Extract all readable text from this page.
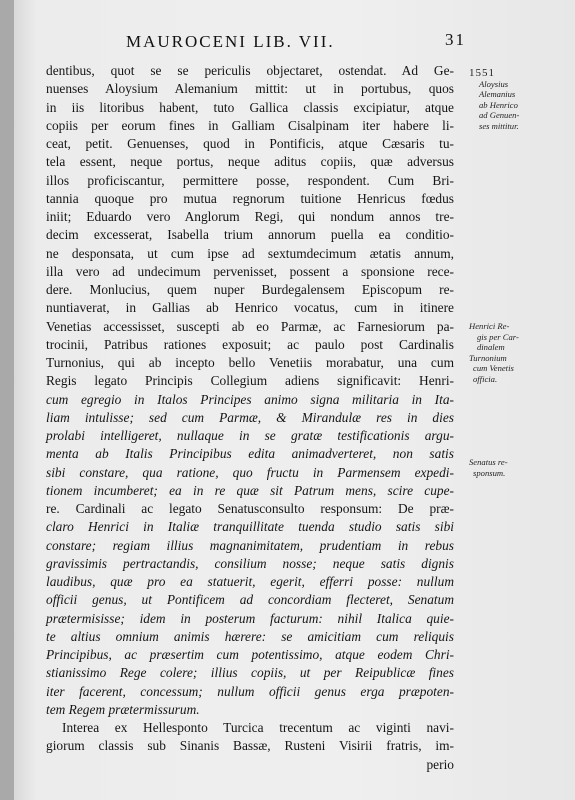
MAUROCENI LIB. VII.	31
dentibus, quot se se periculis objectaret, ostendat. Ad Ge-
nuenses Aloysium Alemanium mittit: ut in portubus, quos
in iis litoribus habent, tuto Gallica classis excipiatur, atque
copiis per eorum fines in Galliam Cisalpinam iter habere li-
ceat, petit. Genuenses, quod in Pontificis, atque Cæsaris tu-
tela essent, neque portus, neque aditus copiis, quæ adversus
illos proficiscantur, permittere posse, respondent. Cum Bri-
tannia quoque pro mutua regnorum tuitione Henricus fœdus
iniit; Eduardo vero Anglorum Regi, qui nondum annos tre-
decim excesserat, Isabella trium annorum puella ea conditio-
ne desponsata, ut cum ipse ad sextumdecimum ætatis annum,
illa vero ad undecimum pervenisset, possent a sponsione rece-
dere. Monlucius, quem nuper Burdegalensem Episcopum re-
nuntiaverat, in Gallias ab Henrico vocatus, cum in itinere
Venetias accessisset, suscepti ab eo Parmæ, ac Farnesiorum pa-
trocinii, Patribus rationes exposuit; ac paulo post Cardinalis
Turnonius, qui ab incepto bello Venetiis morabatur, una cum
Regis legato Principis Collegium adiens significavit: Henri-
cum egregio in Italos Principes animo signa militaria in Ita-
liam intulisse; sed cum Parmæ, & Mirandulæ res in dies
prolabi intelligeret, nullaque in se gratæ testificationis argu-
menta ab Italis Principibus edita animadverteret, non satis
sibi constare, qua ratione, quo fructu in Parmensem expedi-
tionem incumberet; ea in re quæ sit Patrum mens, scire cupe-
re. Cardinali ac legato Senatusconsulto responsum: De præ-
claro Henrici in Italiæ tranquillitate tuenda studio satis sibi
constare; regiam illius magnanimitatem, prudentiam in rebus
gravissimis pertractandis, consilium nosse; neque satis dignis
laudibus, quæ pro ea statuerit, egerit, efferri posse: nullum
officii genus, ut Pontificem ad concordiam flecteret, Senatum
prætermisisse; idem in posterum facturum: nihil Italica quie-
te altius omnium animis hærere: se amicitiam cum reliquis
Principibus, ac præsertim cum potentissimo, atque eodem Chri-
stianissimo Rege colere; illius copiis, ut per Reipublicæ fines
iter facerent, concessum; nullum officii genus erga præpoten-
tem Regem prætermissurum.
Interea ex Hellesponto Turcica trecentum ac viginti navi-
giorum classis sub Sinanis Bassæ, Rusteni Visirii fratris, im-
perio
1551
Aloysius
Alemanius
ab Henrico
ad Genuen-
ses mittitur.
Henrici Re-
gis per Car-
dinalem
Turnonium
cum Venetis
officia.
Senatus re-
sponsum.
